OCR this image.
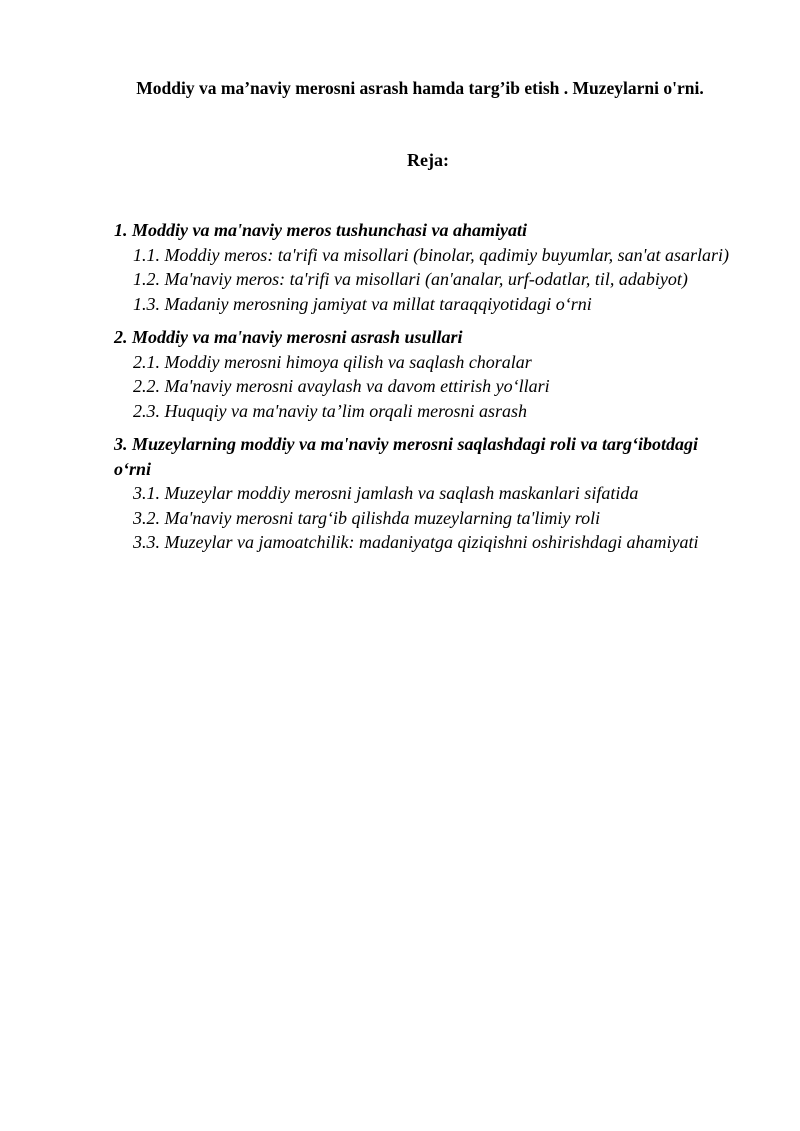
Moddiy va ma’naviy merosni asrash hamda targ’ib etish . Muzeylarni o'rni.
Reja:
1. Moddiy va ma'naviy meros tushunchasi va ahamiyati
1.1. Moddiy meros: ta'rifi va misollari (binolar, qadimiy buyumlar, san'at asarlari)
1.2. Ma'naviy meros: ta'rifi va misollari (an'analar, urf-odatlar, til, adabiyot)
1.3. Madaniy merosning jamiyat va millat taraqqiyotidagi o‘rni
2. Moddiy va ma'naviy merosni asrash usullari
2.1. Moddiy merosni himoya qilish va saqlash choralar
2.2. Ma'naviy merosni avaylash va davom ettirish yo‘llari
2.3. Huquqiy va ma'naviy ta’lim orqali merosni asrash
3. Muzeylarning moddiy va ma'naviy merosni saqlashdagi roli va targ‘ibotdagi o‘rni
3.1. Muzeylar moddiy merosni jamlash va saqlash maskanlari sifatida
3.2. Ma'naviy merosni targ‘ib qilishda muzeylarning ta'limiy roli
3.3. Muzeylar va jamoatchilik: madaniyatga qiziqishni oshirishdagi ahamiyati
